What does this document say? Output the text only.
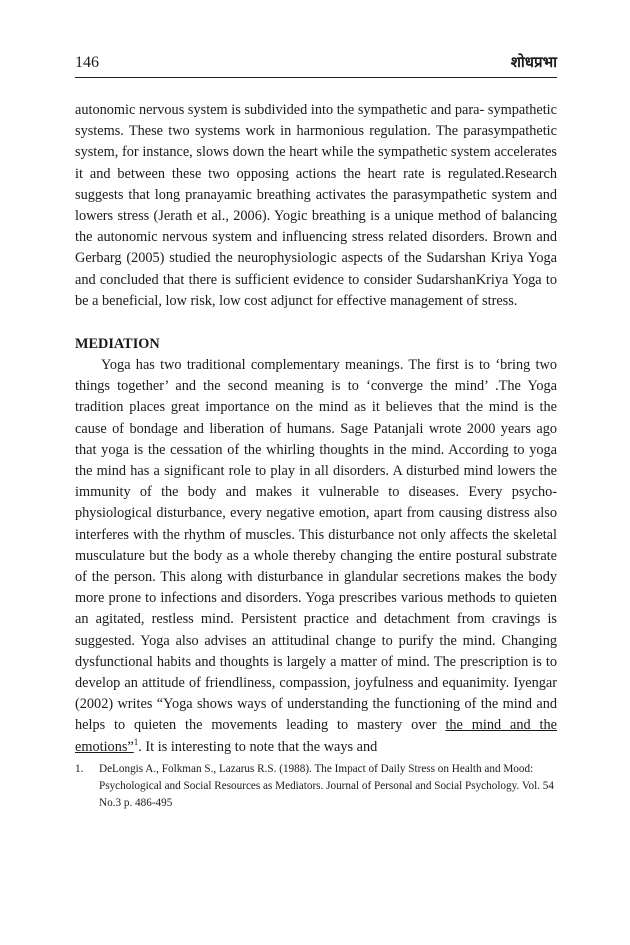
146	शोधप्रभा

autonomic nervous system is subdivided into the sympathetic and para- sympathetic systems. These two systems work in harmonious regulation. The parasympathetic system, for instance, slows down the heart while the sympathetic system accelerates it and between these two opposing actions the heart rate is regulated.Research suggests that long pranayamic breathing activates the parasympathetic system and lowers stress (Jerath et al., 2006). Yogic breathing is a unique method of balancing the autonomic nervous system and influencing stress related disorders. Brown and Gerbarg (2005) studied the neurophysiologic aspects of the Sudarshan Kriya Yoga and concluded that there is sufficient evidence to consider SudarshanKriya Yoga to be a beneficial, low risk, low cost adjunct for effective management of stress.

MEDIATION

Yoga has two traditional complementary meanings. The first is to ‘bring two things together’ and the second meaning is to ‘converge the mind’ .The Yoga tradition places great importance on the mind as it believes that the mind is the cause of bondage and liberation of humans. Sage Patanjali wrote 2000 years ago that yoga is the cessation of the whirling thoughts in the mind. According to yoga the mind has a significant role to play in all disorders. A disturbed mind lowers the immunity of the body and makes it vulnerable to diseases. Every psycho-physiological disturbance, every negative emotion, apart from causing distress also interferes with the rhythm of muscles. This disturbance not only affects the skeletal musculature but the body as a whole thereby changing the entire postural substrate of the person. This along with disturbance in glandular secretions makes the body more prone to infections and disorders. Yoga prescribes various methods to quieten an agitated, restless mind. Persistent practice and detachment from cravings is suggested. Yoga also advises an attitudinal change to purify the mind. Changing dysfunctional habits and thoughts is largely a matter of mind. The prescription is to develop an attitude of friendliness, compassion, joyfulness and equanimity. Iyengar (2002) writes “Yoga shows ways of understanding the functioning of the mind and helps to quieten the movements leading to mastery over the mind and the emotions”$^1$. It is interesting to note that the ways and

1.	DeLongis A., Folkman S., Lazarus R.S. (1988). The Impact of Daily Stress on Health and Mood: Psychological and Social Resources as Mediators. Journal of Personal and Social Psychology. Vol. 54 No.3 p. 486-495
